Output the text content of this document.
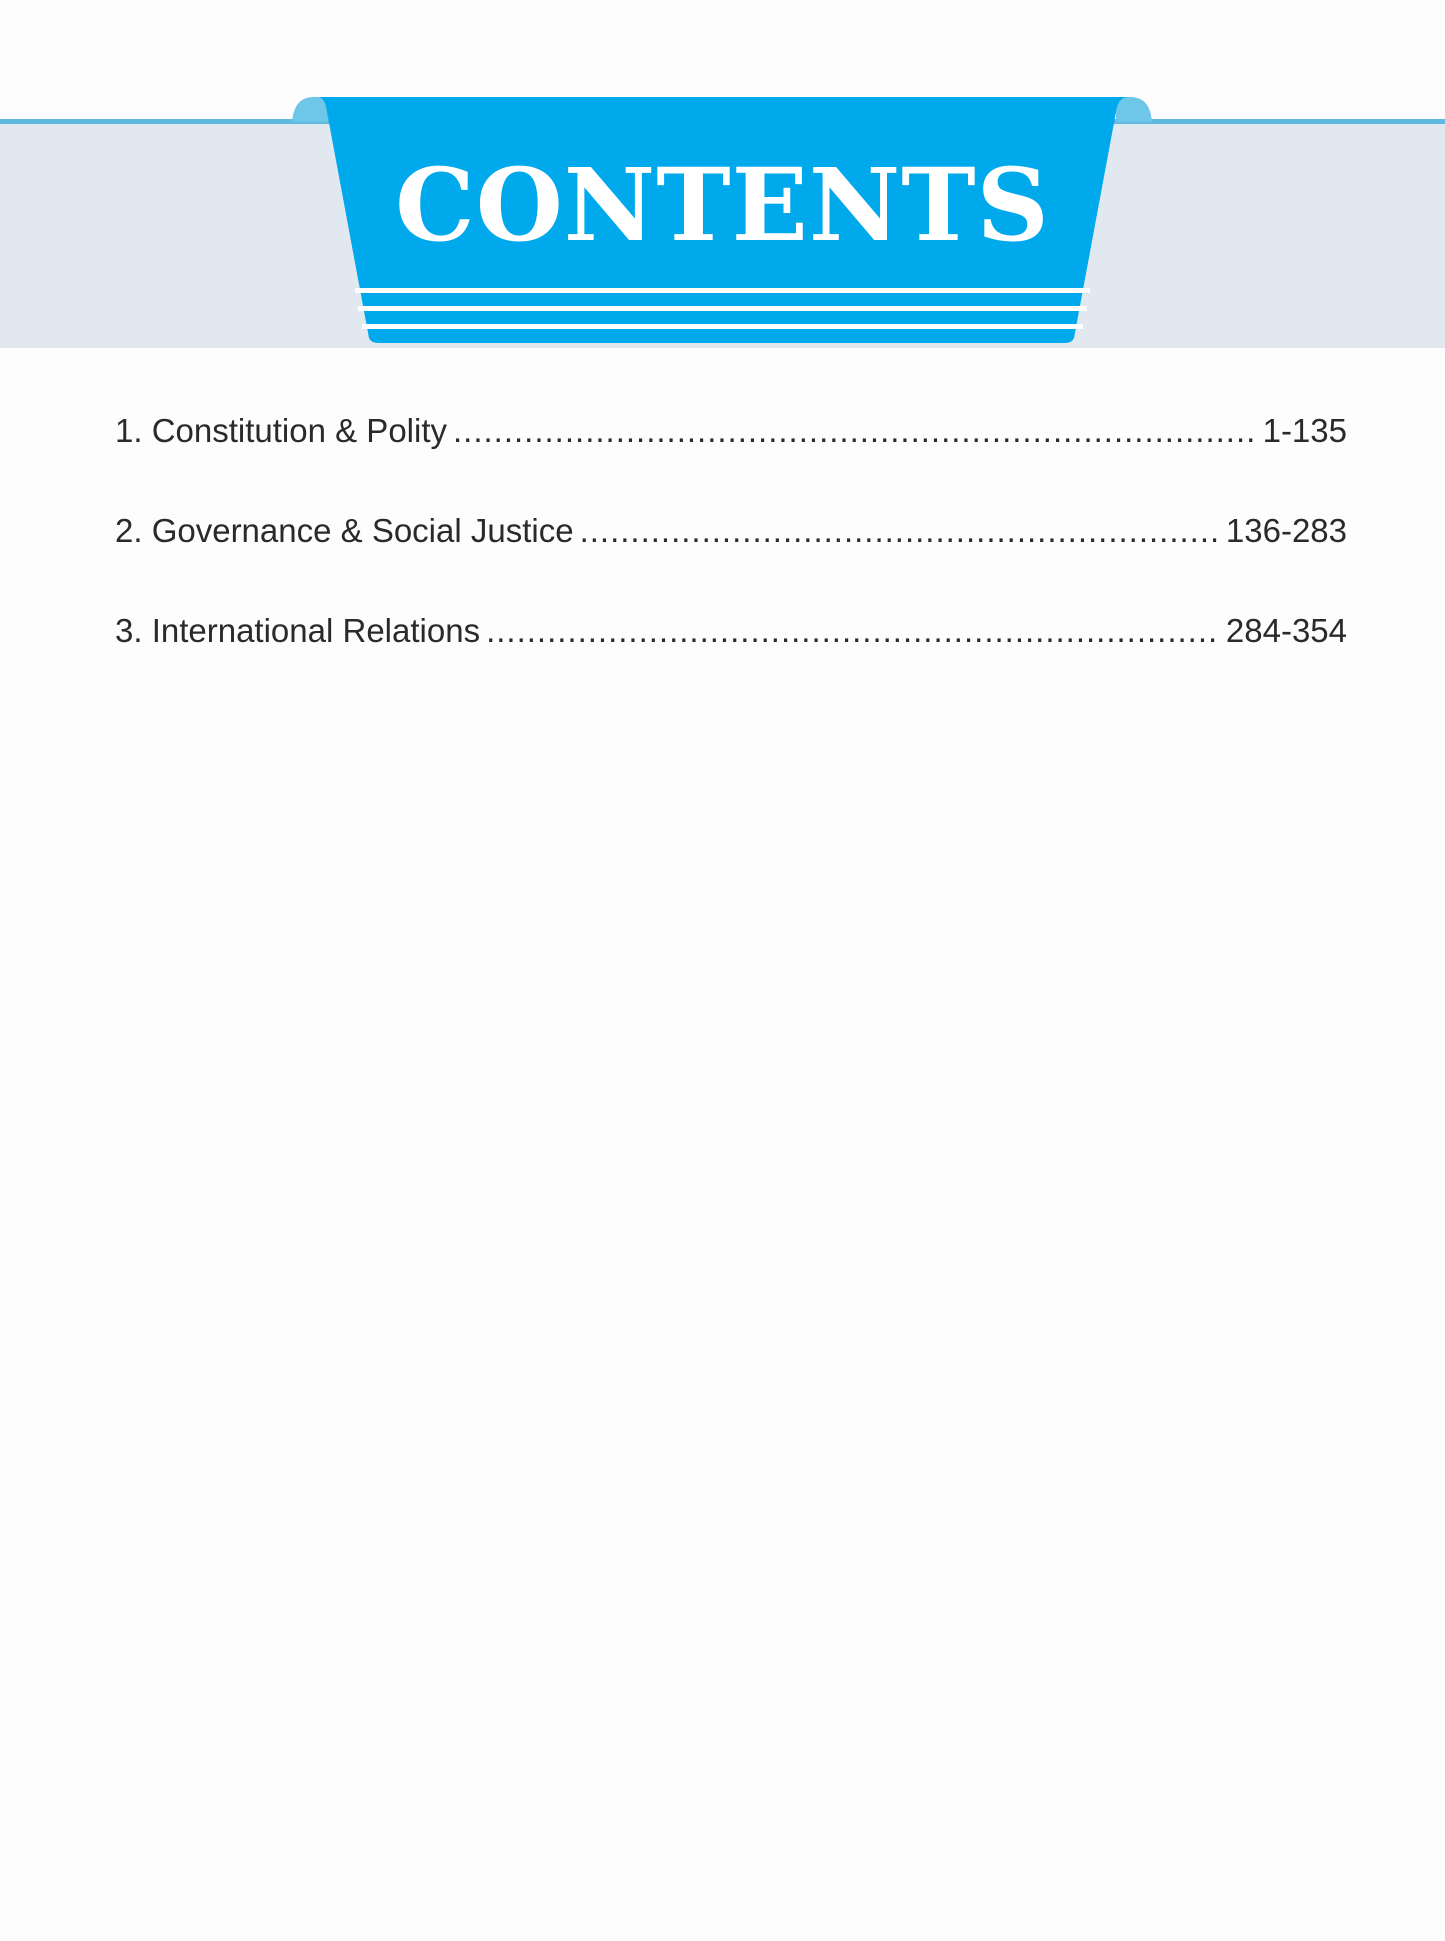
CONTENTS
1. Constitution & Polity .....	1-135
2. Governance & Social Justice .....	136-283
3. International Relations .....	284-354
